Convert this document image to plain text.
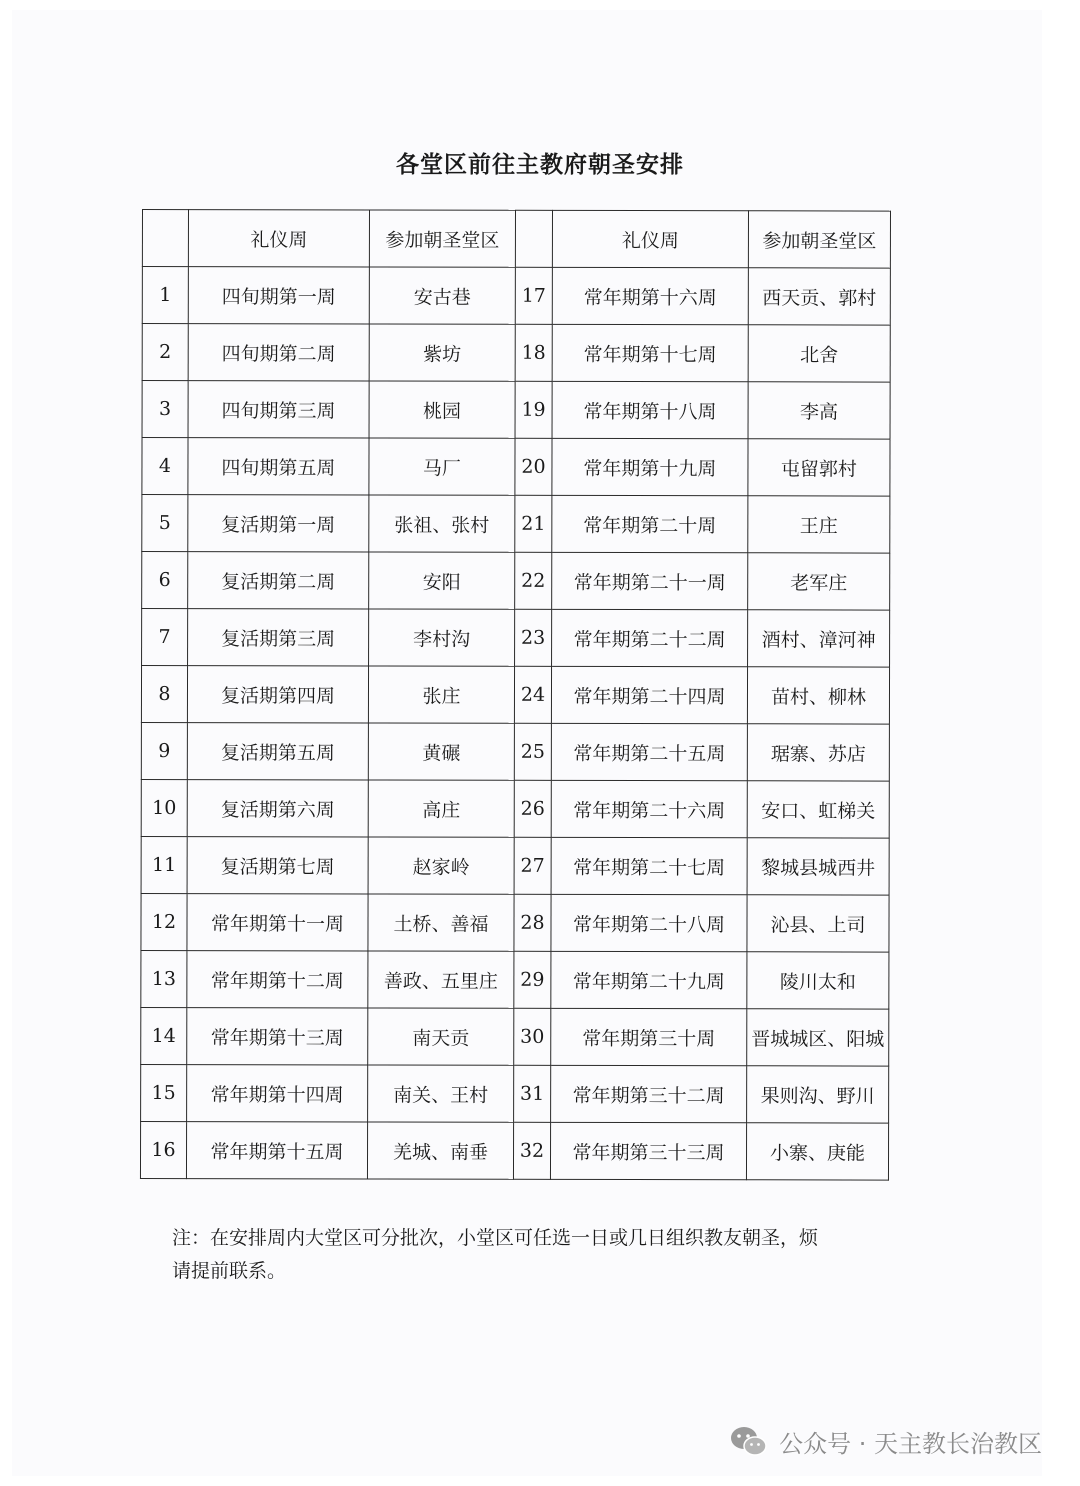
各堂区前往主教府朝圣安排
	礼仪周	参加朝圣堂区		礼仪周	参加朝圣堂区
1	四旬期第一周	安古巷	17	常年期第十六周	西天贡、郭村
2	四旬期第二周	紫坊	18	常年期第十七周	北舍
3	四旬期第三周	桃园	19	常年期第十八周	李高
4	四旬期第五周	马厂	20	常年期第十九周	屯留郭村
5	复活期第一周	张祖、张村	21	常年期第二十周	王庄
6	复活期第二周	安阳	22	常年期第二十一周	老军庄
7	复活期第三周	李村沟	23	常年期第二十二周	酒村、漳河神
8	复活期第四周	张庄	24	常年期第二十四周	苗村、柳林
9	复活期第五周	黄碾	25	常年期第二十五周	琚寨、苏店
10	复活期第六周	高庄	26	常年期第二十六周	安口、虹梯关
11	复活期第七周	赵家岭	27	常年期第二十七周	黎城县城西井
12	常年期第十一周	土桥、善福	28	常年期第二十八周	沁县、上司
13	常年期第十二周	善政、五里庄	29	常年期第二十九周	陵川太和
14	常年期第十三周	南天贡	30	常年期第三十周	晋城城区、阳城
15	常年期第十四周	南关、王村	31	常年期第三十二周	果则沟、野川
16	常年期第十五周	羌城、南垂	32	常年期第三十三周	小寨、庚能
注：在安排周内大堂区可分批次，小堂区可任选一日或几日组织教友朝圣，烦
请提前联系。
公众号 · 天主教长治教区
